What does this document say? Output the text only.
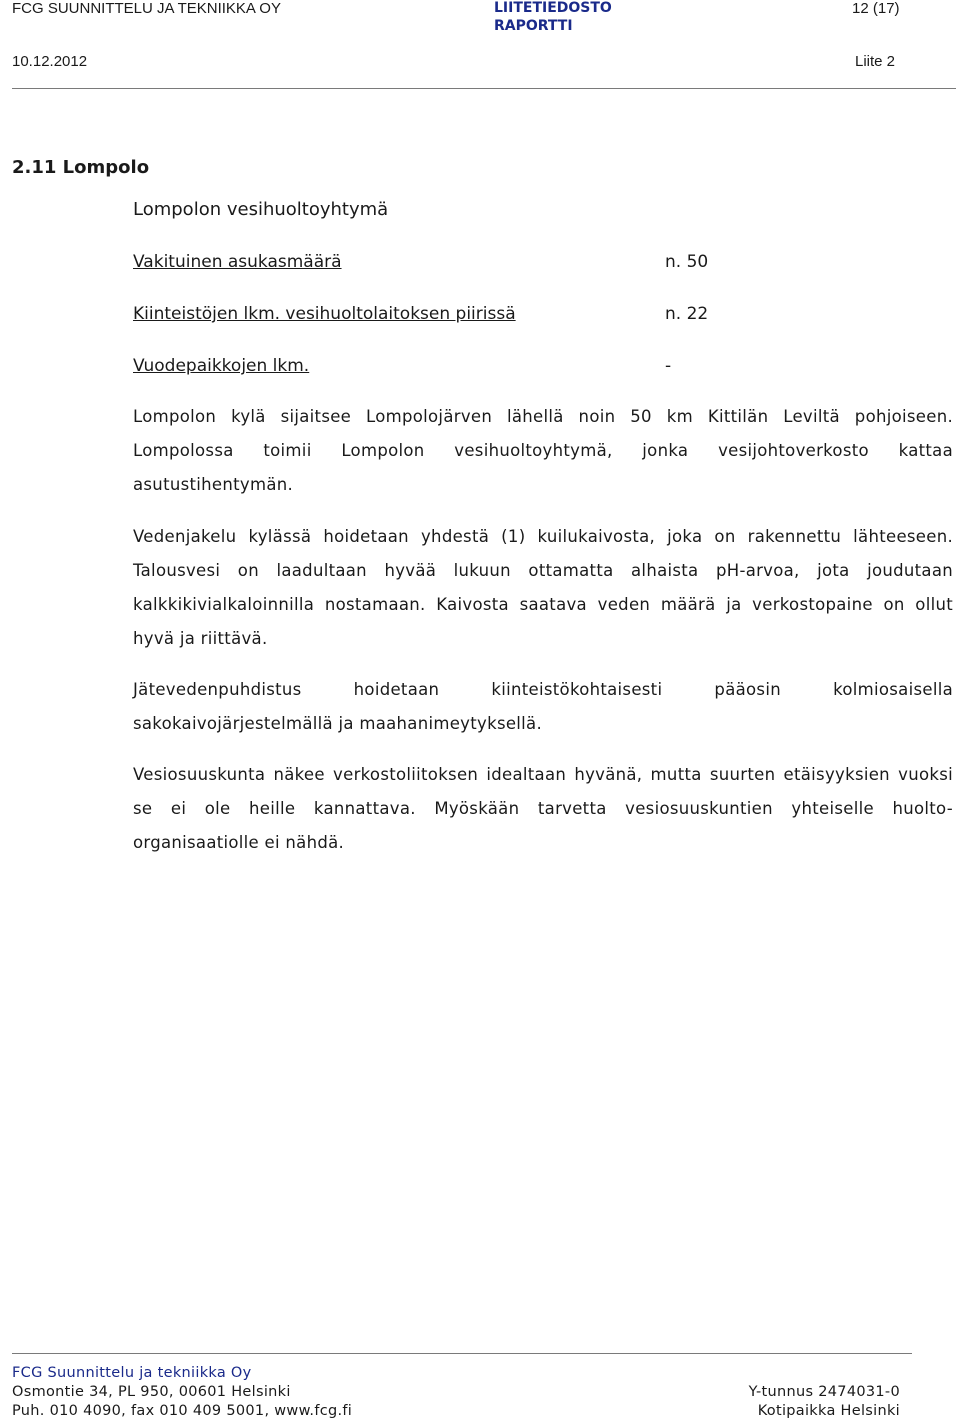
FCG SUUNNITTELU JA TEKNIIKKA OY	LIITETIEDOSTO
RAPORTTI
12 (17)
10.12.2012	Liite 2
2.11 Lompolo
Lompolon vesihuoltoyhtymä
Vakituinen asukasmäärä	n. 50
Kiinteistöjen lkm. vesihuoltolaitoksen piirissä	n. 22
Vuodepaikkojen lkm.	-
Lompolon kylä sijaitsee Lompolojärven lähellä noin 50 km Kittilän Leviltä pohjoiseen. Lompolossa toimii Lompolon vesihuoltoyhtymä, jonka vesijohtoverkosto kattaa asutustihentymän.
Vedenjakelu kylässä hoidetaan yhdestä (1) kuilukaivosta, joka on rakennettu lähteeseen. Talousvesi on laadultaan hyvää lukuun ottamatta alhaista pH-arvoa, jota joudutaan kalkkikivialkaloinnilla nostamaan. Kaivosta saatava veden määrä ja verkostopaine on ollut hyvä ja riittävä.
Jätevedenpuhdistus hoidetaan kiinteistökohtaisesti pääosin kolmiosaisella sakokaivojärjestelmällä ja maahanimeytyksellä.
Vesiosuuskunta näkee verkostoliitoksen idealtaan hyvänä, mutta suurten etäisyyksien vuoksi se ei ole heille kannattava. Myöskään tarvetta vesiosuuskuntien yhteiselle huolto-organisaatiolle ei nähdä.
FCG Suunnittelu ja tekniikka Oy
Osmontie 34, PL 950, 00601 Helsinki	Y-tunnus 2474031-0
Puh. 010 4090, fax 010 409 5001, www.fcg.fi	Kotipaikka Helsinki
